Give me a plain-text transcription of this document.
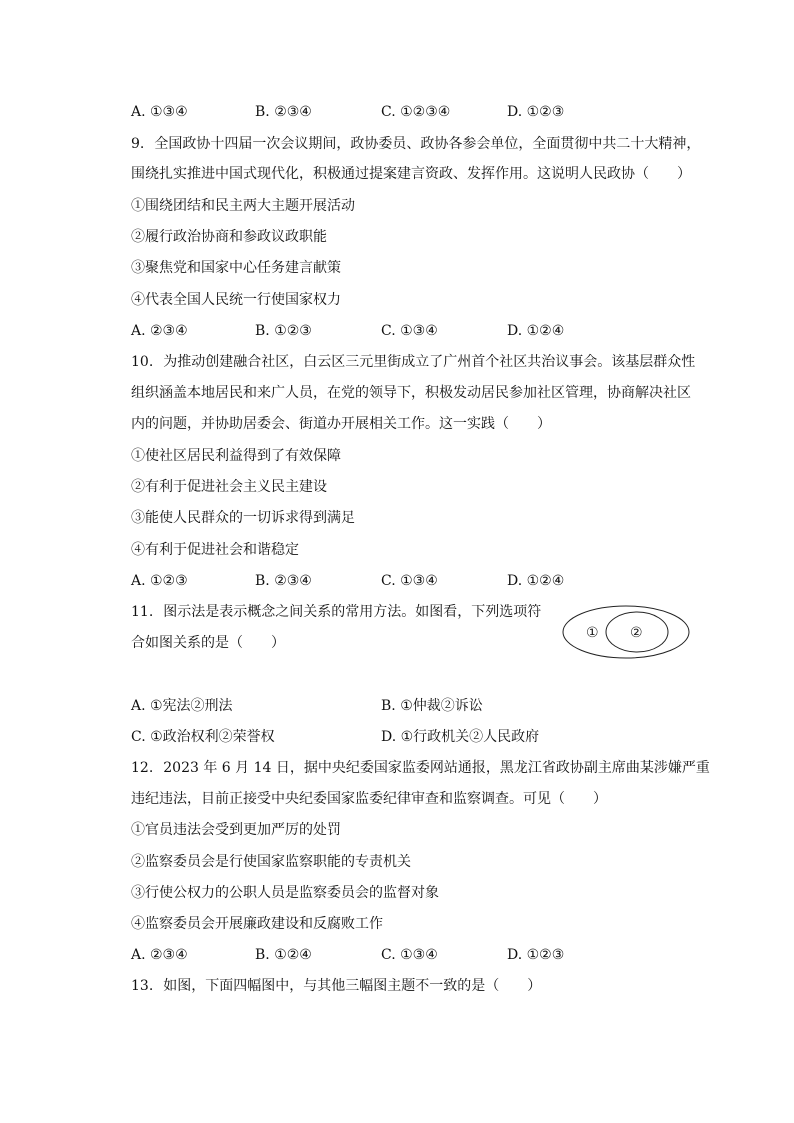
A. ①③④	B. ②③④	C. ①②③④	D. ①②③
9. 全国政协十四届一次会议期间，政协委员、政协各参会单位，全面贯彻中共二十大精神，
围绕扎实推进中国式现代化，积极通过提案建言资政、发挥作用。这说明人民政协（　　）
①围绕团结和民主两大主题开展活动
②履行政治协商和参政议政职能
③聚焦党和国家中心任务建言献策
④代表全国人民统一行使国家权力
A. ②③④	B. ①②③	C. ①③④	D. ①②④
10. 为推动创建融合社区，白云区三元里街成立了广州首个社区共治议事会。该基层群众性
组织涵盖本地居民和来广人员，在党的领导下，积极发动居民参加社区管理，协商解决社区
内的问题，并协助居委会、街道办开展相关工作。这一实践（　　）
①使社区居民利益得到了有效保障
②有利于促进社会主义民主建设
③能使人民群众的一切诉求得到满足
④有利于促进社会和谐稳定
A. ①②③	B. ②③④	C. ①③④	D. ①②④
11. 图示法是表示概念之间关系的常用方法。如图看，下列选项符
合如图关系的是（　　）
① ②
A. ①宪法②刑法	B. ①仲裁②诉讼
C. ①政治权利②荣誉权	D. ①行政机关②人民政府
12. 2023 年 6 月 14 日，据中央纪委国家监委网站通报，黑龙江省政协副主席曲某涉嫌严重
违纪违法，目前正接受中央纪委国家监委纪律审查和监察调查。可见（　　）
①官员违法会受到更加严厉的处罚
②监察委员会是行使国家监察职能的专责机关
③行使公权力的公职人员是监察委员会的监督对象
④监察委员会开展廉政建设和反腐败工作
A. ②③④	B. ①②④	C. ①③④	D. ①②③
13. 如图，下面四幅图中，与其他三幅图主题不一致的是（　　）
